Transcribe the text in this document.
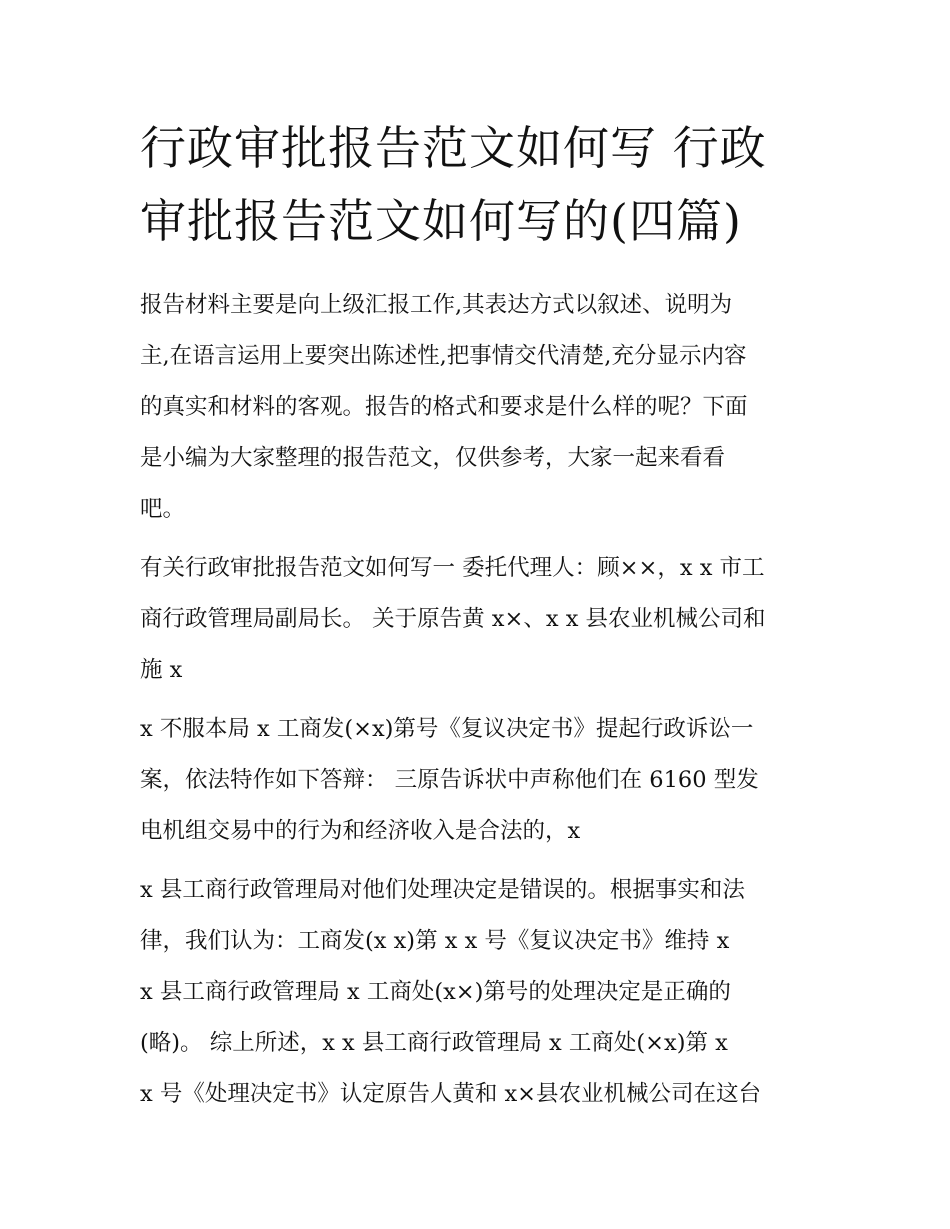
行政审批报告范文如何写 行政
审批报告范文如何写的(四篇)

报告材料主要是向上级汇报工作,其表达方式以叙述、说明为
主,在语言运用上要突出陈述性,把事情交代清楚,充分显示内容
的真实和材料的客观。报告的格式和要求是什么样的呢？下面
是小编为大家整理的报告范文，仅供参考，大家一起来看看
吧。

有关行政审批报告范文如何写一 委托代理人：顾××，x x 市工
商行政管理局副局长。 关于原告黄 x×、x x 县农业机械公司和
施 x

x 不服本局 x 工商发(×x)第号《复议决定书》提起行政诉讼一
案，依法特作如下答辩： 三原告诉状中声称他们在 6160 型发
电机组交易中的行为和经济收入是合法的，x

x 县工商行政管理局对他们处理决定是错误的。根据事实和法
律，我们认为：工商发(x x)第 x x 号《复议决定书》维持 x
x 县工商行政管理局 x 工商处(x×)第号的处理决定是正确的
(略)。 综上所述，x x 县工商行政管理局 x 工商处(×x)第 x
x 号《处理决定书》认定原告人黄和 x×县农业机械公司在这台
